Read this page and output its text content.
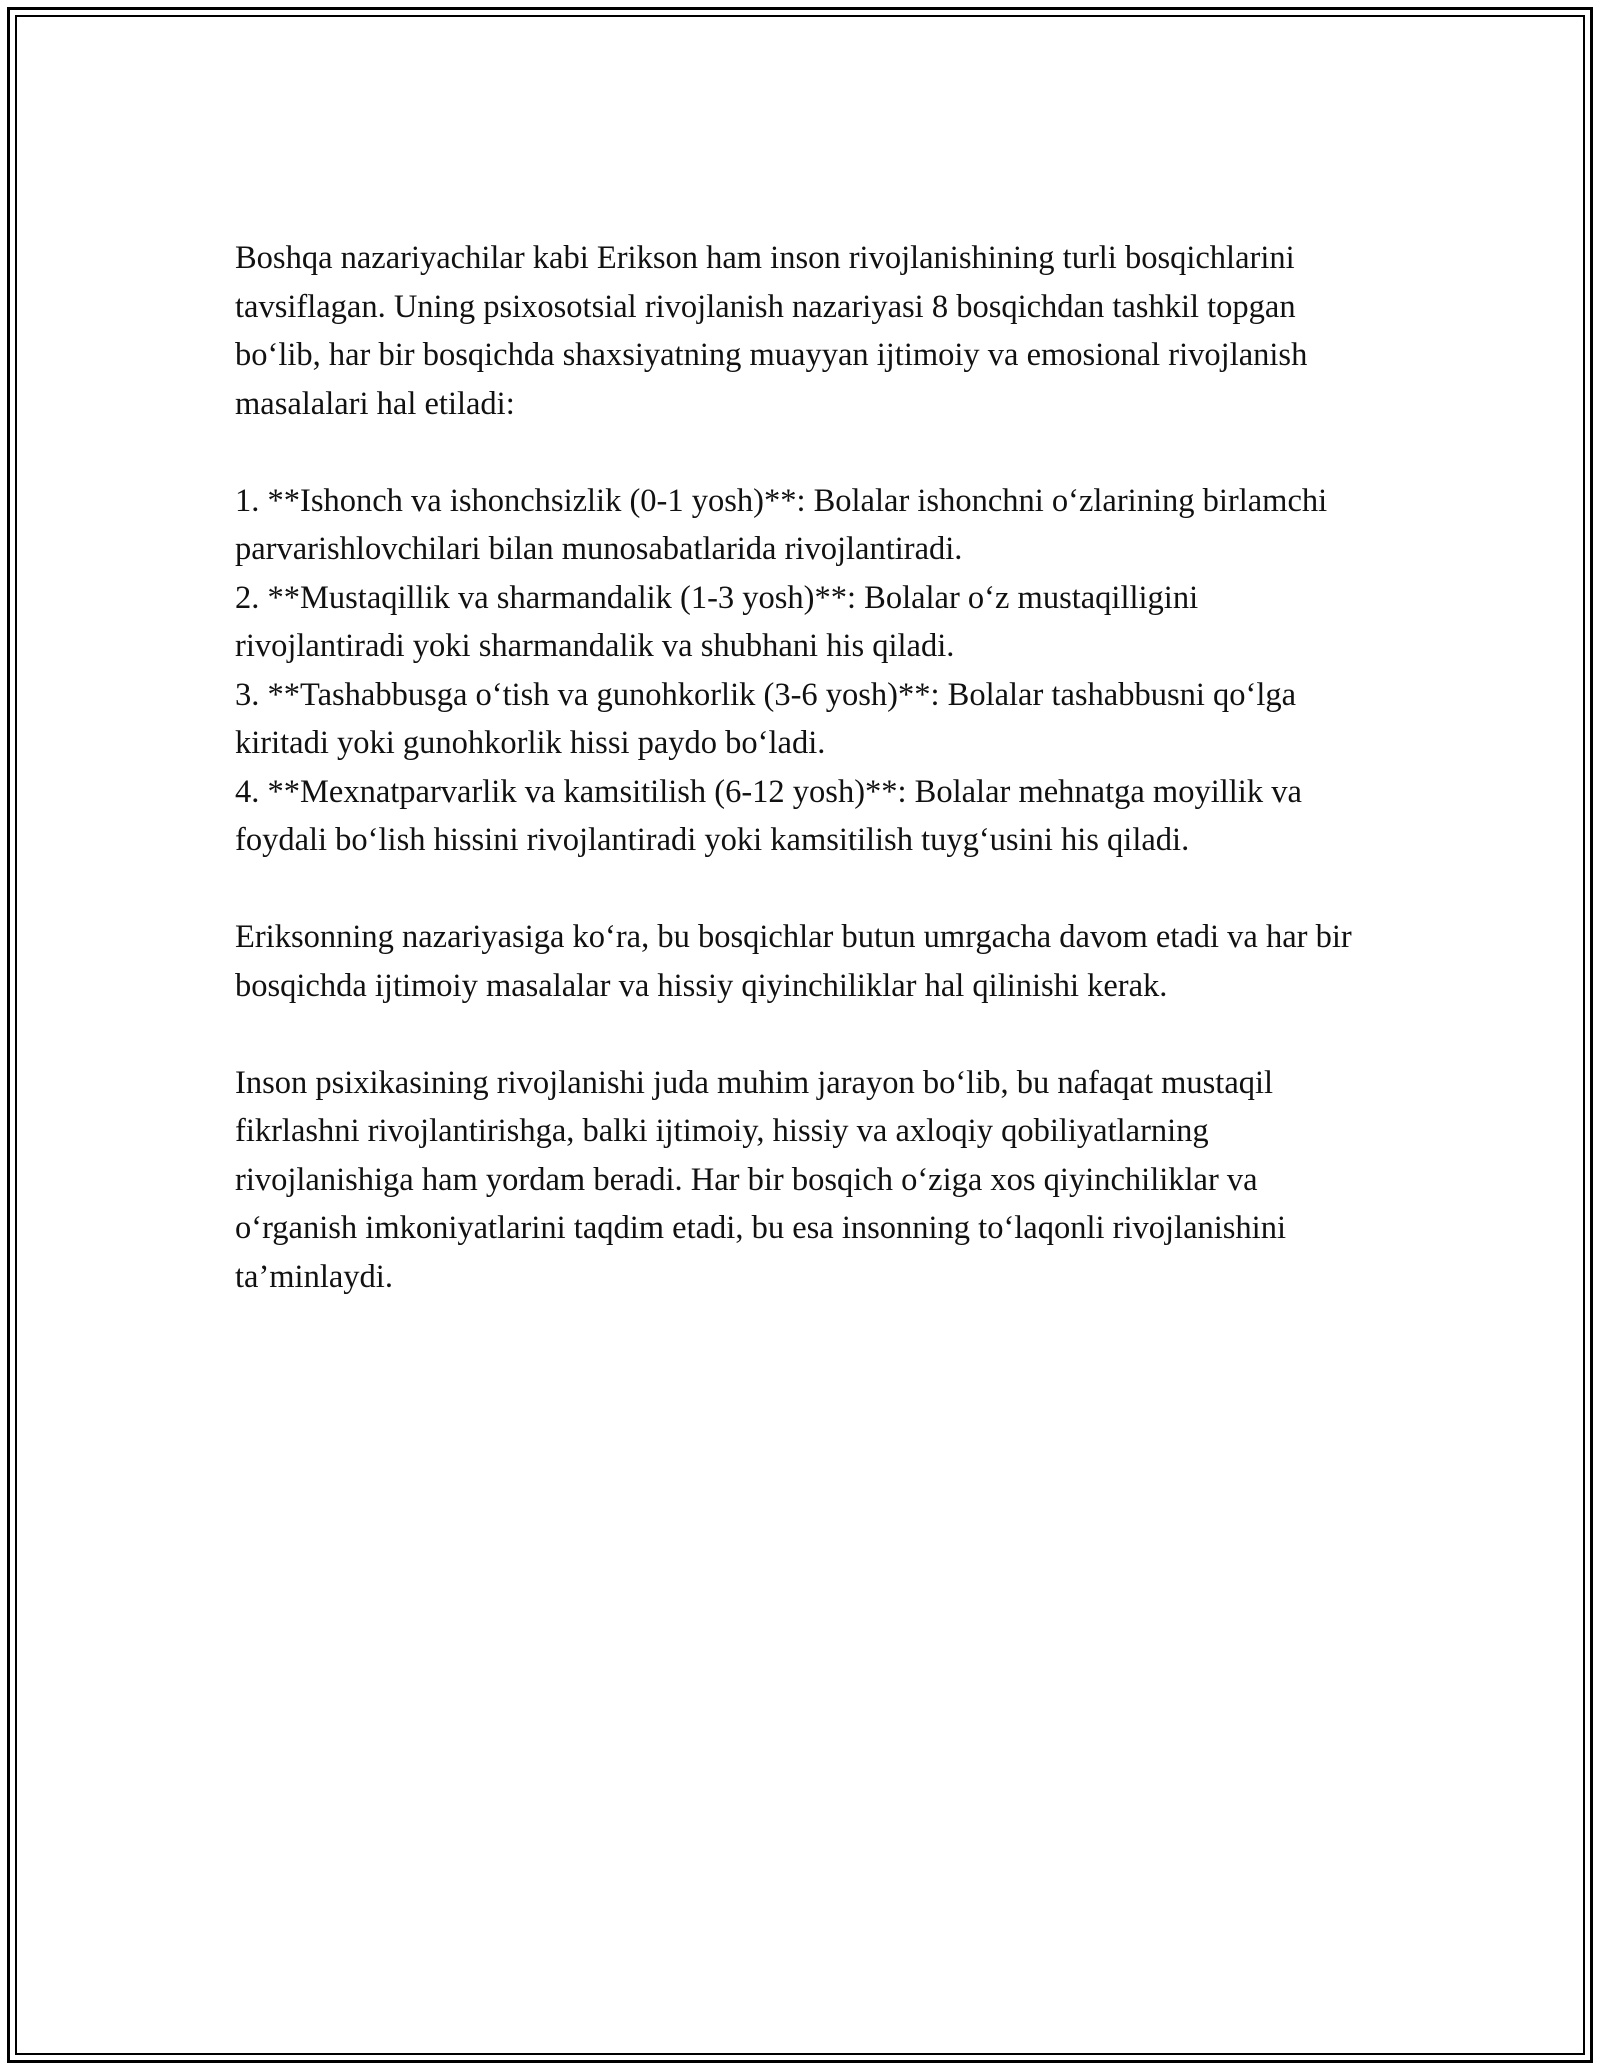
Boshqa nazariyachilar kabi Erikson ham inson rivojlanishining turli bosqichlarini tavsiflagan. Uning psixosotsial rivojlanish nazariyasi 8 bosqichdan tashkil topgan bo‘lib, har bir bosqichda shaxsiyatning muayyan ijtimoiy va emosional rivojlanish masalalari hal etiladi:

1. **Ishonch va ishonchsizlik (0-1 yosh)**: Bolalar ishonchni o‘zlarining birlamchi parvarishlovchilari bilan munosabatlarida rivojlantiradi.

2. **Mustaqillik va sharmandalik (1-3 yosh)**: Bolalar o‘z mustaqilligini rivojlantiradi yoki sharmandalik va shubhani his qiladi.

3. **Tashabbusga o‘tish va gunohkorlik (3-6 yosh)**: Bolalar tashabbusni qo‘lga kiritadi yoki gunohkorlik hissi paydo bo‘ladi.

4. **Mexnatparvarlik va kamsitilish (6-12 yosh)**: Bolalar mehnatga moyillik va foydali bo‘lish hissini rivojlantiradi yoki kamsitilish tuyg‘usini his qiladi.

Eriksonning nazariyasiga ko‘ra, bu bosqichlar butun umrgacha davom etadi va har bir bosqichda ijtimoiy masalalar va hissiy qiyinchiliklar hal qilinishi kerak.

Inson psixikasining rivojlanishi juda muhim jarayon bo‘lib, bu nafaqat mustaqil fikrlashni rivojlantirishga, balki ijtimoiy, hissiy va axloqiy qobiliyatlarning rivojlanishiga ham yordam beradi. Har bir bosqich o‘ziga xos qiyinchiliklar va o‘rganish imkoniyatlarini taqdim etadi, bu esa insonning to‘laqonli rivojlanishini ta’minlaydi.
